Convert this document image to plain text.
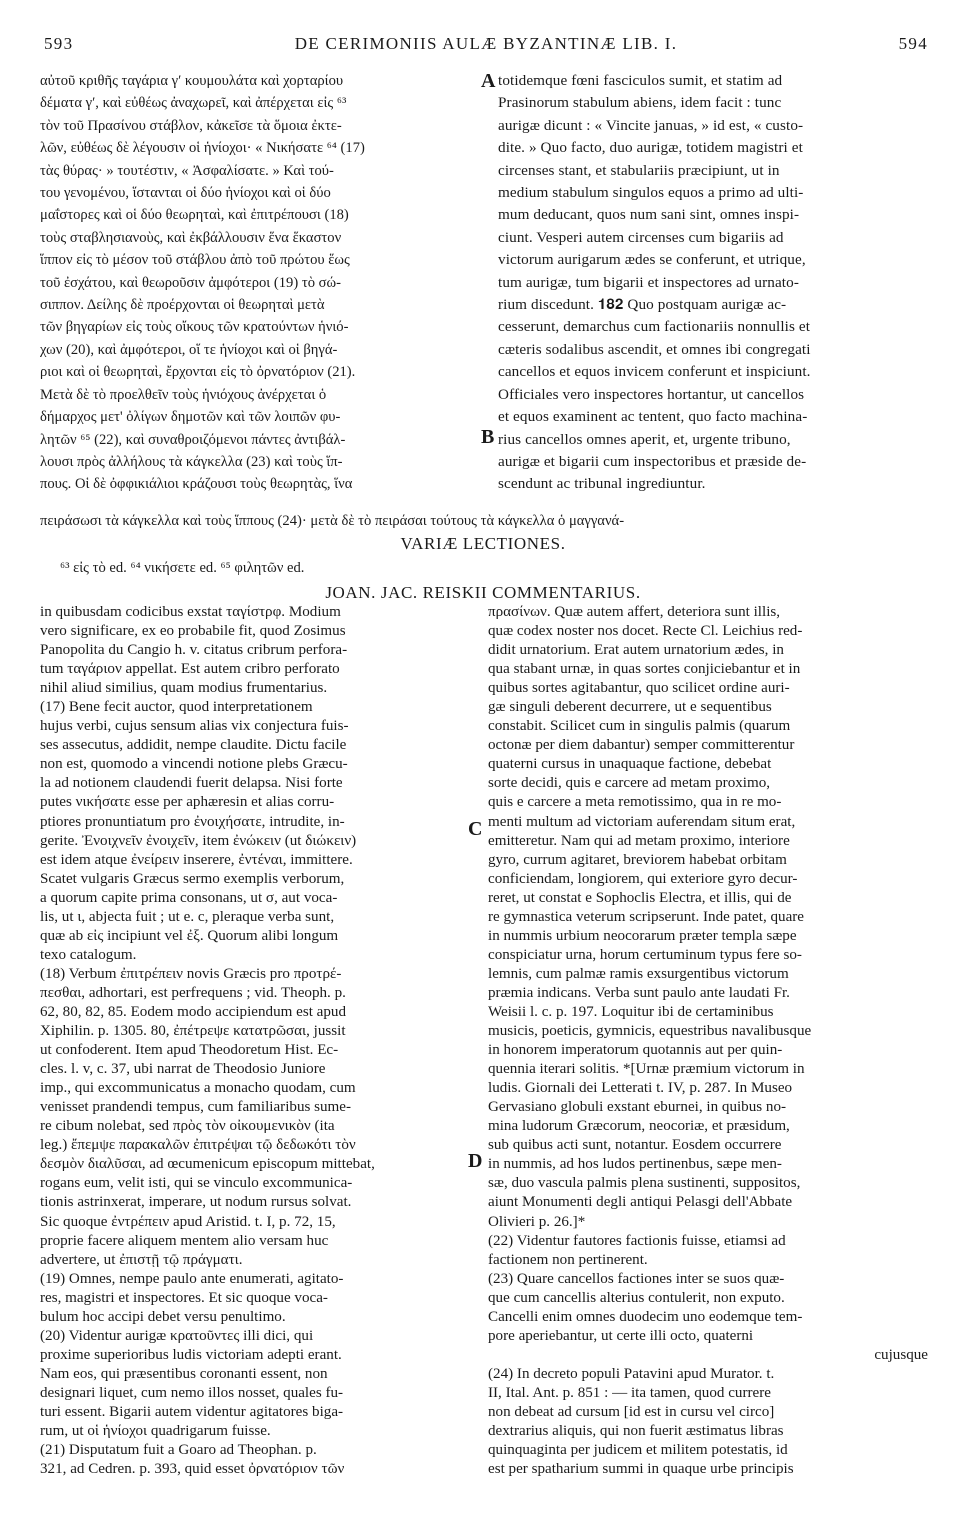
593	DE CERIMONIIS AULÆ BYZANTINÆ LIB. I.	594

αὐτοῦ κριθῆς ταγάρια γʹ κουμουλάτα καὶ χορταρίου

δέματα γʹ, καὶ εὐθέως ἀναχωρεῖ, καὶ ἀπέρχεται εἰς ⁶³

τὸν τοῦ Πρασίνου στάβλον, κἀκεῖσε τὰ ὅμοια ἐκτε-

λῶν, εὐθέως δὲ λέγουσιν οἱ ἡνίοχοι· « Νικήσατε ⁶⁴ (17)

τὰς θύρας· » τουτέστιν, « Ἀσφαλίσατε. » Καὶ τού-

του γενομένου, ἵστανται οἱ δύο ἡνίοχοι καὶ οἱ δύο

μαΐστορες καὶ οἱ δύο θεωρηταὶ, καὶ ἐπιτρέπουσι (18)

τοὺς σταβλησιανοὺς, καὶ ἐκβάλλουσιν ἕνα ἕκαστον

ἵππον εἰς τὸ μέσον τοῦ στάβλου ἀπὸ τοῦ πρώτου ἕως

τοῦ ἐσχάτου, καὶ θεωροῦσιν ἀμφότεροι (19) τὸ σώ-

σιππον. Δείλης δὲ προέρχονται οἱ θεωρηταὶ μετὰ

τῶν βηγαρίων εἰς τοὺς οἴκους τῶν κρατούντων ἡνιό-

χων (20), καὶ ἀμφότεροι, οἵ τε ἡνίοχοι καὶ οἱ βηγά-

ριοι καὶ οἱ θεωρηταὶ, ἔρχονται εἰς τὸ ὀρνατόριον (21).

Μετὰ δὲ τὸ προελθεῖν τοὺς ἡνιόχους ἀνέρχεται ὁ

δήμαρχος μετ' ὀλίγων δημοτῶν καὶ τῶν λοιπῶν φυ-

λητῶν ⁶⁵ (22), καὶ συναθροιζόμενοι πάντες ἀντιβάλ-

λουσι πρὸς ἀλλήλους τὰ κάγκελλα (23) καὶ τοὺς ἵπ-

πους. Οἱ δὲ ὀφφικιάλιοι κράζουσι τοὺς θεωρητὰς, ἵνα

totidemque fœni fasciculos sumit, et statim ad

Prasinorum stabulum abiens, idem facit : tunc

aurigæ dicunt : « Vincite januas, » id est, « custo-

dite. » Quo facto, duo aurigæ, totidem magistri et

circenses stant, et stabulariis præcipiunt, ut in

medium stabulum singulos equos a primo ad ulti-

mum deducant, quos num sani sint, omnes inspi-

ciunt. Vesperi autem circenses cum bigariis ad

victorum aurigarum ædes se conferunt, et utrique,

tum aurigæ, tum bigarii et inspectores ad urnato-

rium discedunt. 𝟏𝟖𝟐 Quo postquam aurigæ ac-

cesserunt, demarchus cum factionariis nonnullis et

cæteris sodalibus ascendit, et omnes ibi congregati

cancellos et equos invicem conferunt et inspiciunt.

Officiales vero inspectores hortantur, ut cancellos

et equos examinent ac tentent, quo facto machina-

rius cancellos omnes aperit, et, urgente tribuno,

aurigæ et bigarii cum inspectoribus et præside de-

scendunt ac tribunal ingrediuntur.

A
B
C
D

πειράσωσι τὰ κάγκελλα καὶ τοὺς ἵππους (24)· μετὰ δὲ τὸ πειράσαι τούτους τὰ κάγκελλα ὁ μαγγανά-

VARIÆ LECTIONES.
⁶³ εἰς τὸ ed. ⁶⁴ νικήσετε ed. ⁶⁵ φιλητῶν ed.
JOAN. JAC. REISKII COMMENTARIUS.

in quibusdam codicibus exstat ταγίστρφ. Modium

vero significare, ex eo probabile fit, quod Zosimus

Panopolita du Cangio h. v. citatus cribrum perfora-

tum ταγάριον appellat. Est autem cribro perforato

nihil aliud similius, quam modius frumentarius.

(17) Bene fecit auctor, quod interpretationem

hujus verbi, cujus sensum alias vix conjectura fuis-

ses assecutus, addidit, nempe claudite. Dictu facile

non est, quomodo a vincendi notione plebs Græcu-

la ad notionem claudendi fuerit delapsa. Nisi forte

putes νικήσατε esse per aphæresin et alias corru-

ptiores pronuntiatum pro ἐνοιχήσατε, intrudite, in-

gerite. Ἐνοιχνεῖν ἐνοιχεῖν, item ἐνώκειν (ut διώκειν)

est idem atque ἐνείρειν inserere, ἐντέναι, immittere.

Scatet vulgaris Græcus sermo exemplis verborum,

a quorum capite prima consonans, ut σ, aut voca-

lis, ut ι, abjecta fuit ; ut e. c, pleraque verba sunt,

quæ ab εἰς incipiunt vel ἐξ. Quorum alibi longum

texo catalogum.

(18) Verbum ἐπιτρέπειν novis Græcis pro προτρέ-

πεσθαι, adhortari, est perfrequens ; vid. Theoph. p.

62, 80, 82, 85. Eodem modo accipiendum est apud

Xiphilin. p. 1305. 80, ἐπέτρεψε κατατρῶσαι, jussit

ut confoderent. Item apud Theodoretum Hist. Ec-

cles. l. v, c. 37, ubi narrat de Theodosio Juniore

imp., qui excommunicatus a monacho quodam, cum

venisset prandendi tempus, cum familiaribus sume-

re cibum nolebat, sed πρὸς τὸν οἰκουμενικὸν (ita

leg.) ἔπεμψε παρακαλῶν ἐπιτρέψαι τῷ δεδωκότι τὸν

δεσμὸν διαλῦσαι, ad œcumenicum episcopum mittebat,

rogans eum, velit isti, qui se vinculo excommunica-

tionis astrinxerat, imperare, ut nodum rursus solvat.

Sic quoque ἐντρέπειν apud Aristid. t. I, p. 72, 15,

proprie facere aliquem mentem alio versam huc

advertere, ut ἐπιστῇ τῷ πράγματι.

(19) Omnes, nempe paulo ante enumerati, agitato-

res, magistri et inspectores. Et sic quoque voca-

bulum hoc accipi debet versu penultimo.

(20) Videntur aurigæ κρατοῦντες illi dici, qui

proxime superioribus ludis victoriam adepti erant.

Nam eos, qui præsentibus coronanti essent, non

designari liquet, cum nemo illos nosset, quales fu-

turi essent. Bigarii autem videntur agitatores biga-

rum, ut οἱ ἡνίοχοι quadrigarum fuisse.

(21) Disputatum fuit a Goaro ad Theophan. p.

321, ad Cedren. p. 393, quid esset ὀρνατόριον τῶν

πρασίνων. Quæ autem affert, deteriora sunt illis,

quæ codex noster nos docet. Recte Cl. Leichius red-

didit urnatorium. Erat autem urnatorium ædes, in

qua stabant urnæ, in quas sortes conjiciebantur et in

quibus sortes agitabantur, quo scilicet ordine auri-

gæ singuli deberent decurrere, ut e sequentibus

constabit. Scilicet cum in singulis palmis (quarum

octonæ per diem dabantur) semper committerentur

quaterni cursus in unaquaque factione, debebat

sorte decidi, quis e carcere ad metam proximo,

quis e carcere a meta remotissimo, qua in re mo-

menti multum ad victoriam auferendam situm erat,

emitteretur. Nam qui ad metam proximo, interiore

gyro, currum agitaret, breviorem habebat orbitam

conficiendam, longiorem, qui exteriore gyro decur-

reret, ut constat e Sophoclis Electra, et illis, qui de

re gymnastica veterum scripserunt. Inde patet, quare

in nummis urbium neocorarum præter templa sæpe

conspiciatur urna, horum certuminum typus fere so-

lemnis, cum palmæ ramis exsurgentibus victorum

præmia indicans. Verba sunt paulo ante laudati Fr.

Weisii l. c. p. 197. Loquitur ibi de certaminibus

musicis, poeticis, gymnicis, equestribus navalibusque

in honorem imperatorum quotannis aut per quin-

quennia iterari solitis. *[Urnæ præmium victorum in

ludis. Giornali dei Letterati t. IV, p. 287. In Museo

Gervasiano globuli exstant eburnei, in quibus no-

mina ludorum Græcorum, neocoriæ, et præsidum,

sub quibus acti sunt, notantur. Eosdem occurrere

in nummis, ad hos ludos pertinenbus, sæpe men-

sæ, duo vascula palmis plena sustinenti, suppositos,

aiunt Monumenti degli antiqui Pelasgi dell'Abbate

Olivieri p. 26.]*

(22) Videntur fautores factionis fuisse, etiamsi ad

factionem non pertinerent.

(23) Quare cancellos factiones inter se suos quæ-

que cum cancellis alterius contulerit, non exputo.

Cancelli enim omnes duodecim uno eodemque tem-

pore aperiebantur, ut certe illi octo, quaterni

cujusque

(24) In decreto populi Patavini apud Murator. t.

II, Ital. Ant. p. 851 : — ita tamen, quod currere

non debeat ad cursum [id est in cursu vel circo]

dextrarius aliquis, qui non fuerit æstimatus libras

quinquaginta per judicem et militem potestatis, id

est per spatharium summi in quaque urbe principis
